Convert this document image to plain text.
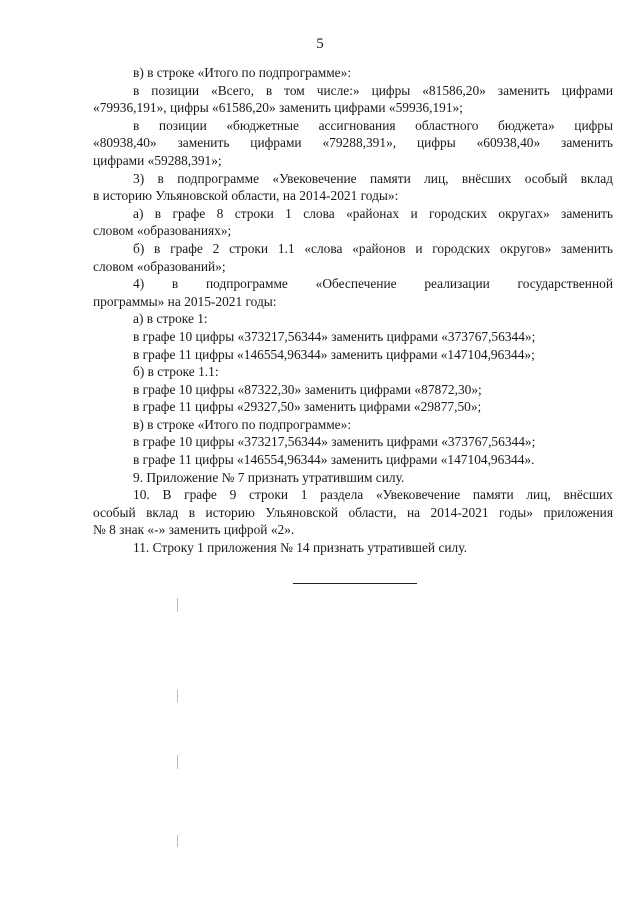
5

в) в строке «Итого по подпрограмме»:

в позиции «Всего, в том числе:» цифры «81586,20» заменить цифрами

«79936,191», цифры «61586,20» заменить цифрами «59936,191»;

в позиции «бюджетные ассигнования областного бюджета» цифры

«80938,40» заменить цифрами «79288,391», цифры «60938,40» заменить

цифрами «59288,391»;

3) в подпрограмме «Увековечение памяти лиц, внёсших особый вклад

в историю Ульяновской области, на 2014-2021 годы»:

а) в графе 8 строки 1 слова «районах и городских округах» заменить

словом «образованиях»;

б) в графе 2 строки 1.1 «слова «районов и городских округов» заменить

словом «образований»;

4) в подпрограмме «Обеспечение реализации государственной

программы» на 2015-2021 годы:

а) в строке 1:

в графе 10 цифры «373217,56344» заменить цифрами «373767,56344»;

в графе 11 цифры «146554,96344» заменить цифрами «147104,96344»;

б) в строке 1.1:

в графе 10 цифры «87322,30» заменить цифрами «87872,30»;

в графе 11 цифры «29327,50» заменить цифрами «29877,50»;

в) в строке «Итого по подпрограмме»:

в графе 10 цифры «373217,56344» заменить цифрами «373767,56344»;

в графе 11 цифры «146554,96344» заменить цифрами «147104,96344».

9. Приложение № 7 признать утратившим силу.

10. В графе 9 строки 1 раздела «Увековечение памяти лиц, внёсших

особый вклад в историю Ульяновской области, на 2014-2021 годы» приложения

№ 8 знак «-» заменить цифрой «2».

11. Строку 1 приложения № 14 признать утратившей силу.
